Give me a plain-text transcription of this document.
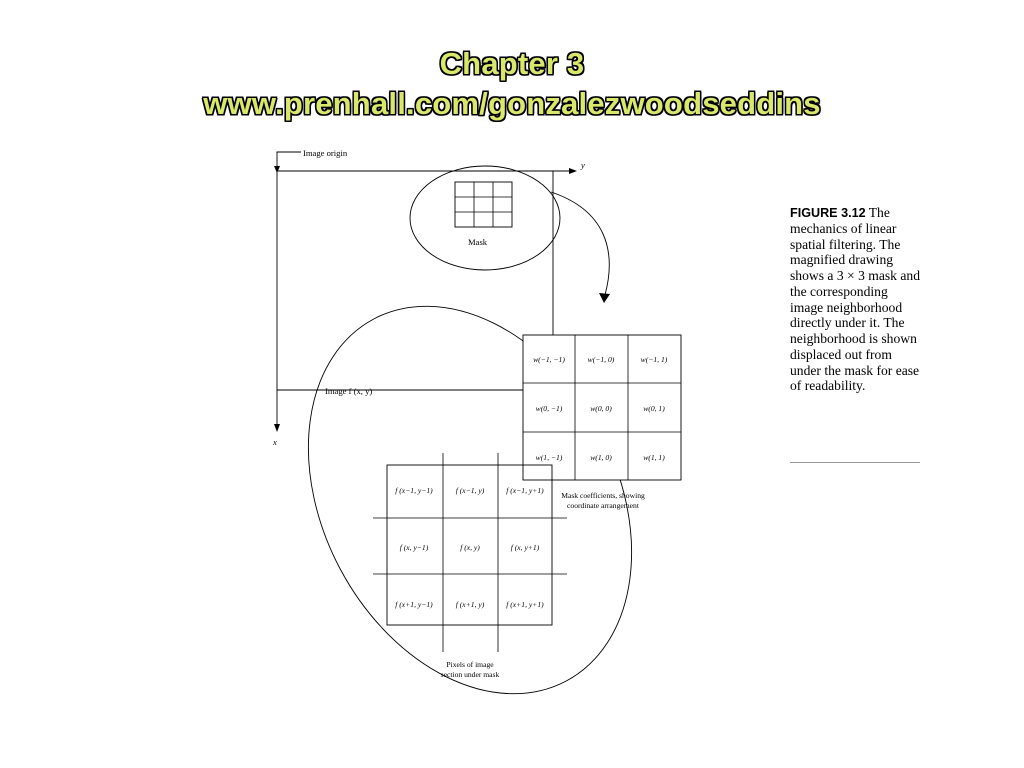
Chapter 3
www.prenhall.com/gonzalezwoodseddins
Image origin
y
x
Image f (x, y)
Mask
w(−1, −1)	w(−1, 0)	w(−1, 1)
w(0, −1)	w(0, 0)	w(0, 1)
w(1, −1)	w(1, 0)	w(1, 1)
Mask coefficients, showing
coordinate arrangement
f (x−1, y−1)	f (x−1, y)	f (x−1, y+1)
f (x, y−1)	f (x, y)	f (x, y+1)
f (x+1, y−1)	f (x+1, y)	f (x+1, y+1)
Pixels of image
section under mask
FIGURE 3.12 The mechanics of linear spatial filtering. The magnified drawing shows a 3 × 3 mask and the corresponding image neighborhood directly under it. The neighborhood is shown displaced out from under the mask for ease of readability.
